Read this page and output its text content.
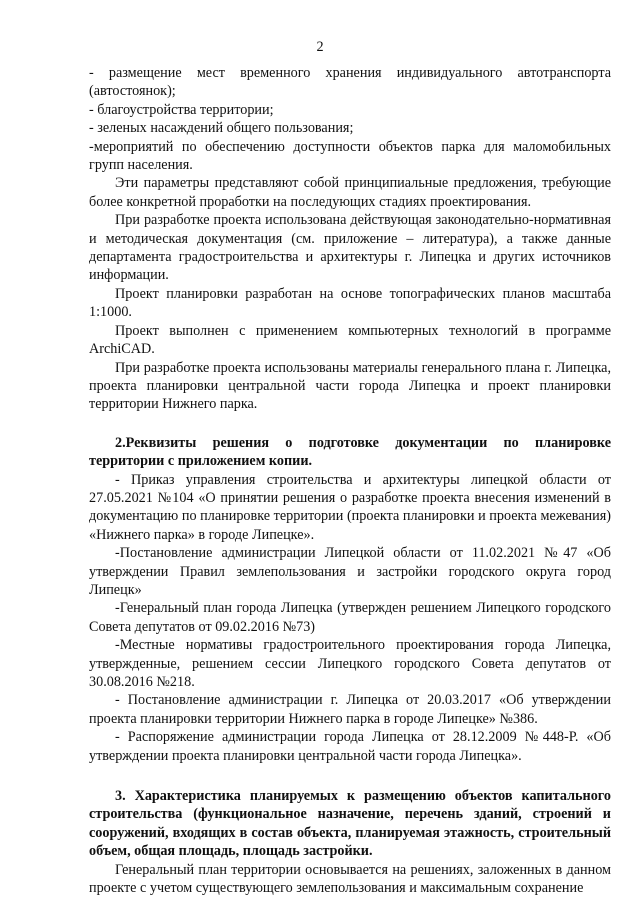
2

- размещение мест временного хранения индивидуального автотранспорта (автостоянок);

- благоустройства территории;

- зеленых насаждений общего пользования;

-мероприятий по обеспечению доступности объектов парка для маломобильных групп населения.

Эти параметры представляют собой принципиальные предложения, требующие более конкретной проработки на последующих стадиях проектирования.

При разработке проекта использована действующая законодательно-нормативная и методическая документация (см. приложение – литература), а также данные департамента градостроительства и архитектуры г. Липецка и других источников информации.

Проект планировки разработан на основе топографических планов масштаба 1:1000.

Проект выполнен с применением компьютерных технологий в программе ArchiCAD.

При разработке проекта использованы материалы генерального плана г. Липецка, проекта планировки центральной части города Липецка и проект планировки территории Нижнего парка.

2.Реквизиты решения о подготовке документации по планировке территории с приложением копии.

- Приказ управления строительства и архитектуры липецкой области от 27.05.2021 №104 «О принятии решения о разработке проекта внесения изменений в документацию по планировке территории (проекта планировки и проекта межевания) «Нижнего парка» в городе Липецке».

-Постановление администрации Липецкой области от 11.02.2021 №47 «Об утверждении Правил землепользования и застройки городского округа город Липецк»

-Генеральный план города Липецка (утвержден решением Липецкого городского Совета депутатов от 09.02.2016 №73)

-Местные нормативы градостроительного проектирования города Липецка, утвержденные, решением сессии Липецкого городского Совета депутатов от 30.08.2016 №218.

- Постановление администрации г. Липецка от 20.03.2017 «Об утверждении проекта планировки территории Нижнего парка в городе Липецке» №386.

- Распоряжение администрации города Липецка от 28.12.2009 №448-Р. «Об утверждении проекта планировки центральной части города Липецка».

3. Характеристика планируемых к размещению объектов капитального строительства (функциональное назначение, перечень зданий, строений и сооружений, входящих в состав объекта, планируемая этажность, строительный объем, общая площадь, площадь застройки.

Генеральный план территории основывается на решениях, заложенных в данном проекте с учетом существующего землепользования и максимальным сохранение
